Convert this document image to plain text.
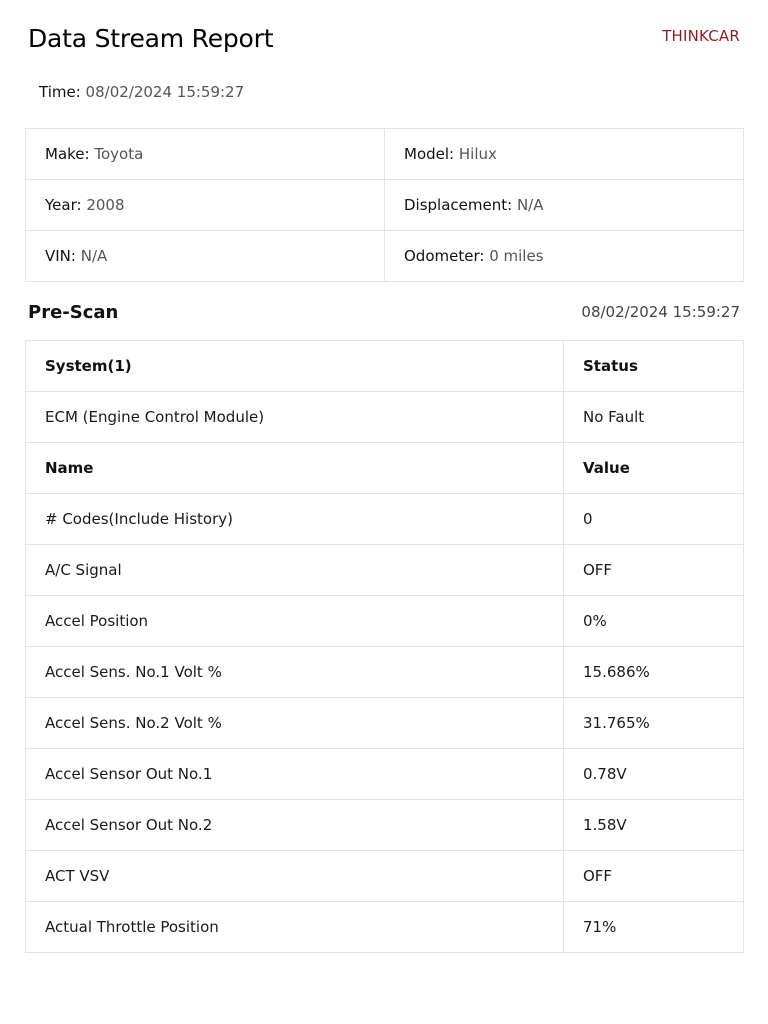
Data Stream Report	THINKCAR
Time: 08/02/2024 15:59:27
Make: Toyota	Model: Hilux
Year: 2008	Displacement: N/A
VIN: N/A	Odometer: 0 miles
Pre-Scan	08/02/2024 15:59:27
System(1)	Status
ECM (Engine Control Module)	No Fault
Name	Value
# Codes(Include History)	0
A/C Signal	OFF
Accel Position	0%
Accel Sens. No.1 Volt %	15.686%
Accel Sens. No.2 Volt %	31.765%
Accel Sensor Out No.1	0.78V
Accel Sensor Out No.2	1.58V
ACT VSV	OFF
Actual Throttle Position	71%
